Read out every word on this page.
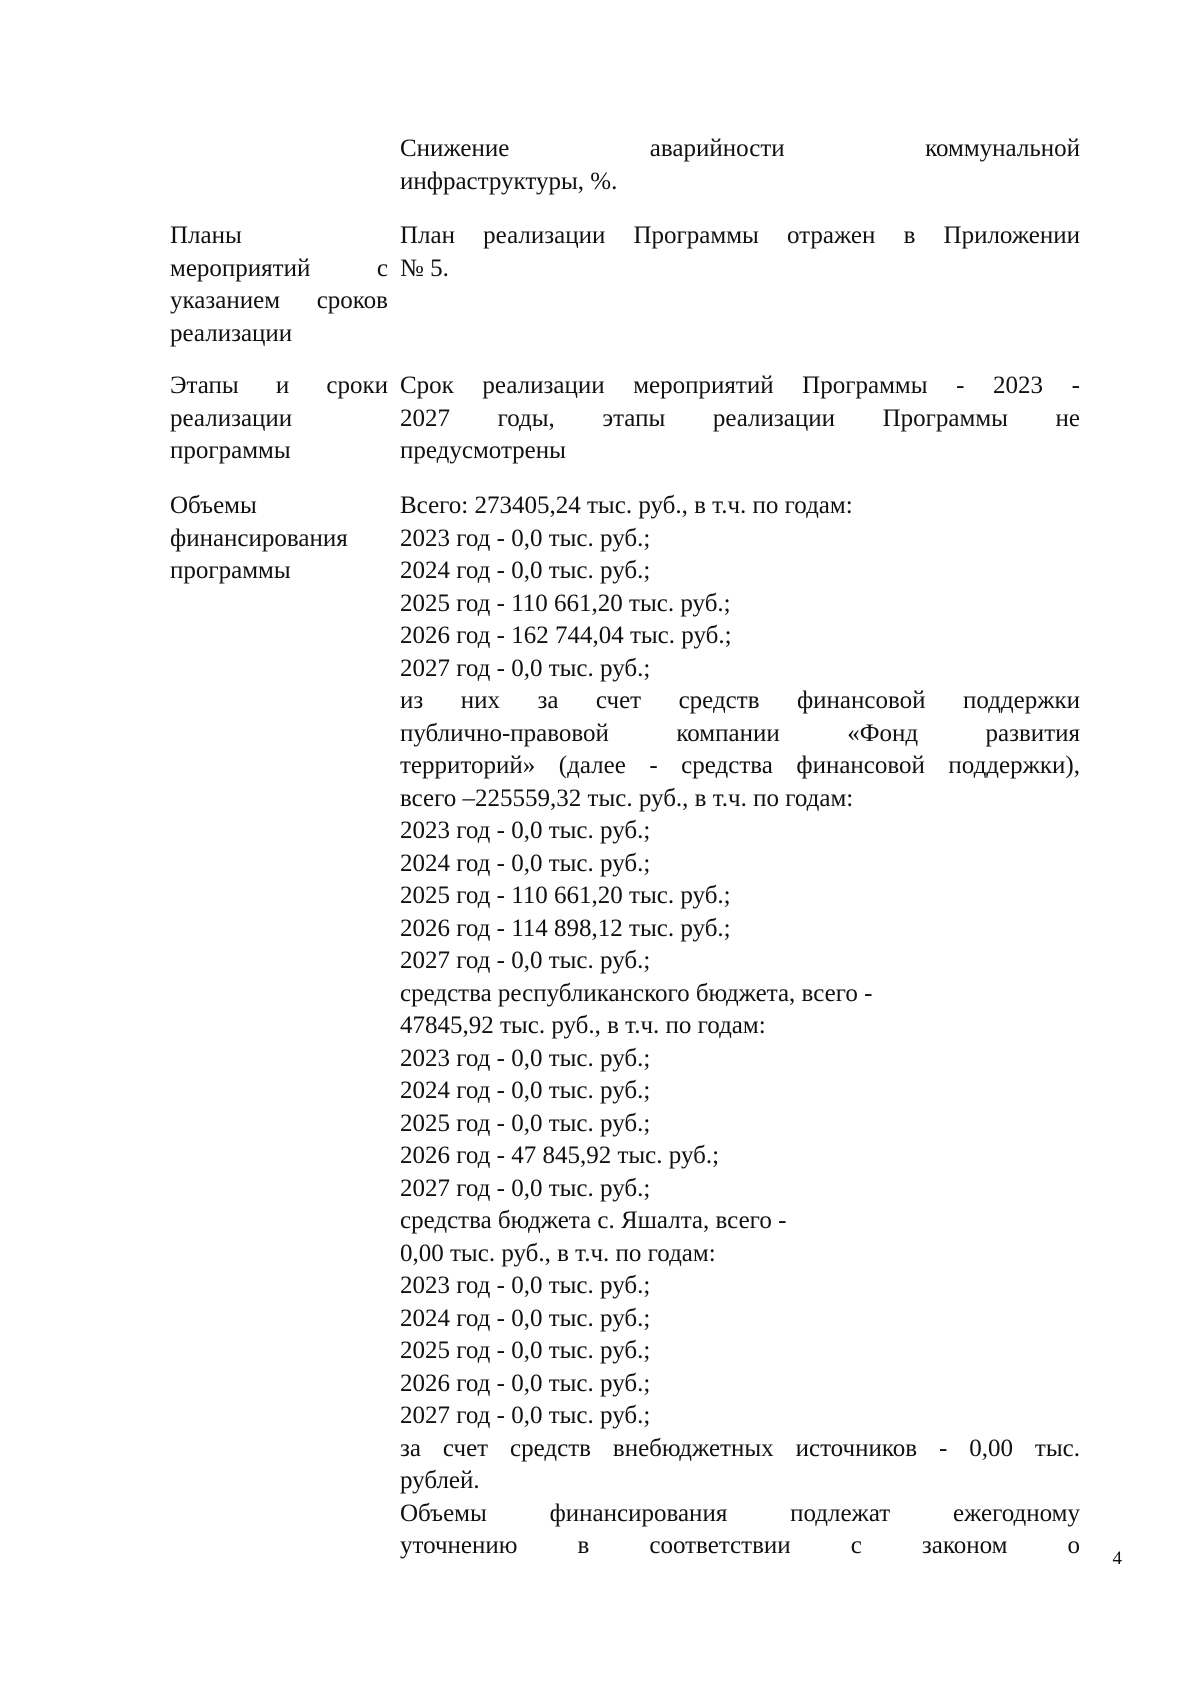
Снижение аварийности коммунальной
инфраструктуры, %.
Планы мероприятий с указанием сроков реализации
План реализации Программы отражен в Приложении
№ 5.
Этапы и сроки реализации программы
Срок реализации мероприятий Программы - 2023 -
2027 годы, этапы реализации Программы не
предусмотрены
Объемы финансирования программы
Всего: 273405,24 тыс. руб., в т.ч. по годам:
2023 год - 0,0 тыс. руб.;
2024 год - 0,0 тыс. руб.;
2025 год - 110 661,20 тыс. руб.;
2026 год - 162 744,04 тыс. руб.;
2027 год - 0,0 тыс. руб.;
из них за счет средств финансовой поддержки
публично-правовой компании «Фонд развития
территорий» (далее - средства финансовой поддержки),
всего –225559,32 тыс. руб., в т.ч. по годам:
2023 год - 0,0 тыс. руб.;
2024 год - 0,0 тыс. руб.;
2025 год - 110 661,20 тыс. руб.;
2026 год - 114 898,12 тыс. руб.;
2027 год - 0,0 тыс. руб.;
средства республиканского бюджета, всего -
47845,92 тыс. руб., в т.ч. по годам:
2023 год - 0,0 тыс. руб.;
2024 год - 0,0 тыс. руб.;
2025 год - 0,0 тыс. руб.;
2026 год - 47 845,92 тыс. руб.;
2027 год - 0,0 тыс. руб.;
средства бюджета с. Яшалта, всего -
0,00 тыс. руб., в т.ч. по годам:
2023 год - 0,0 тыс. руб.;
2024 год - 0,0 тыс. руб.;
2025 год - 0,0 тыс. руб.;
2026 год - 0,0 тыс. руб.;
2027 год - 0,0 тыс. руб.;
за счет средств внебюджетных источников - 0,00 тыс.
рублей.
Объемы финансирования подлежат ежегодному
уточнению в соответствии с законом о 4
